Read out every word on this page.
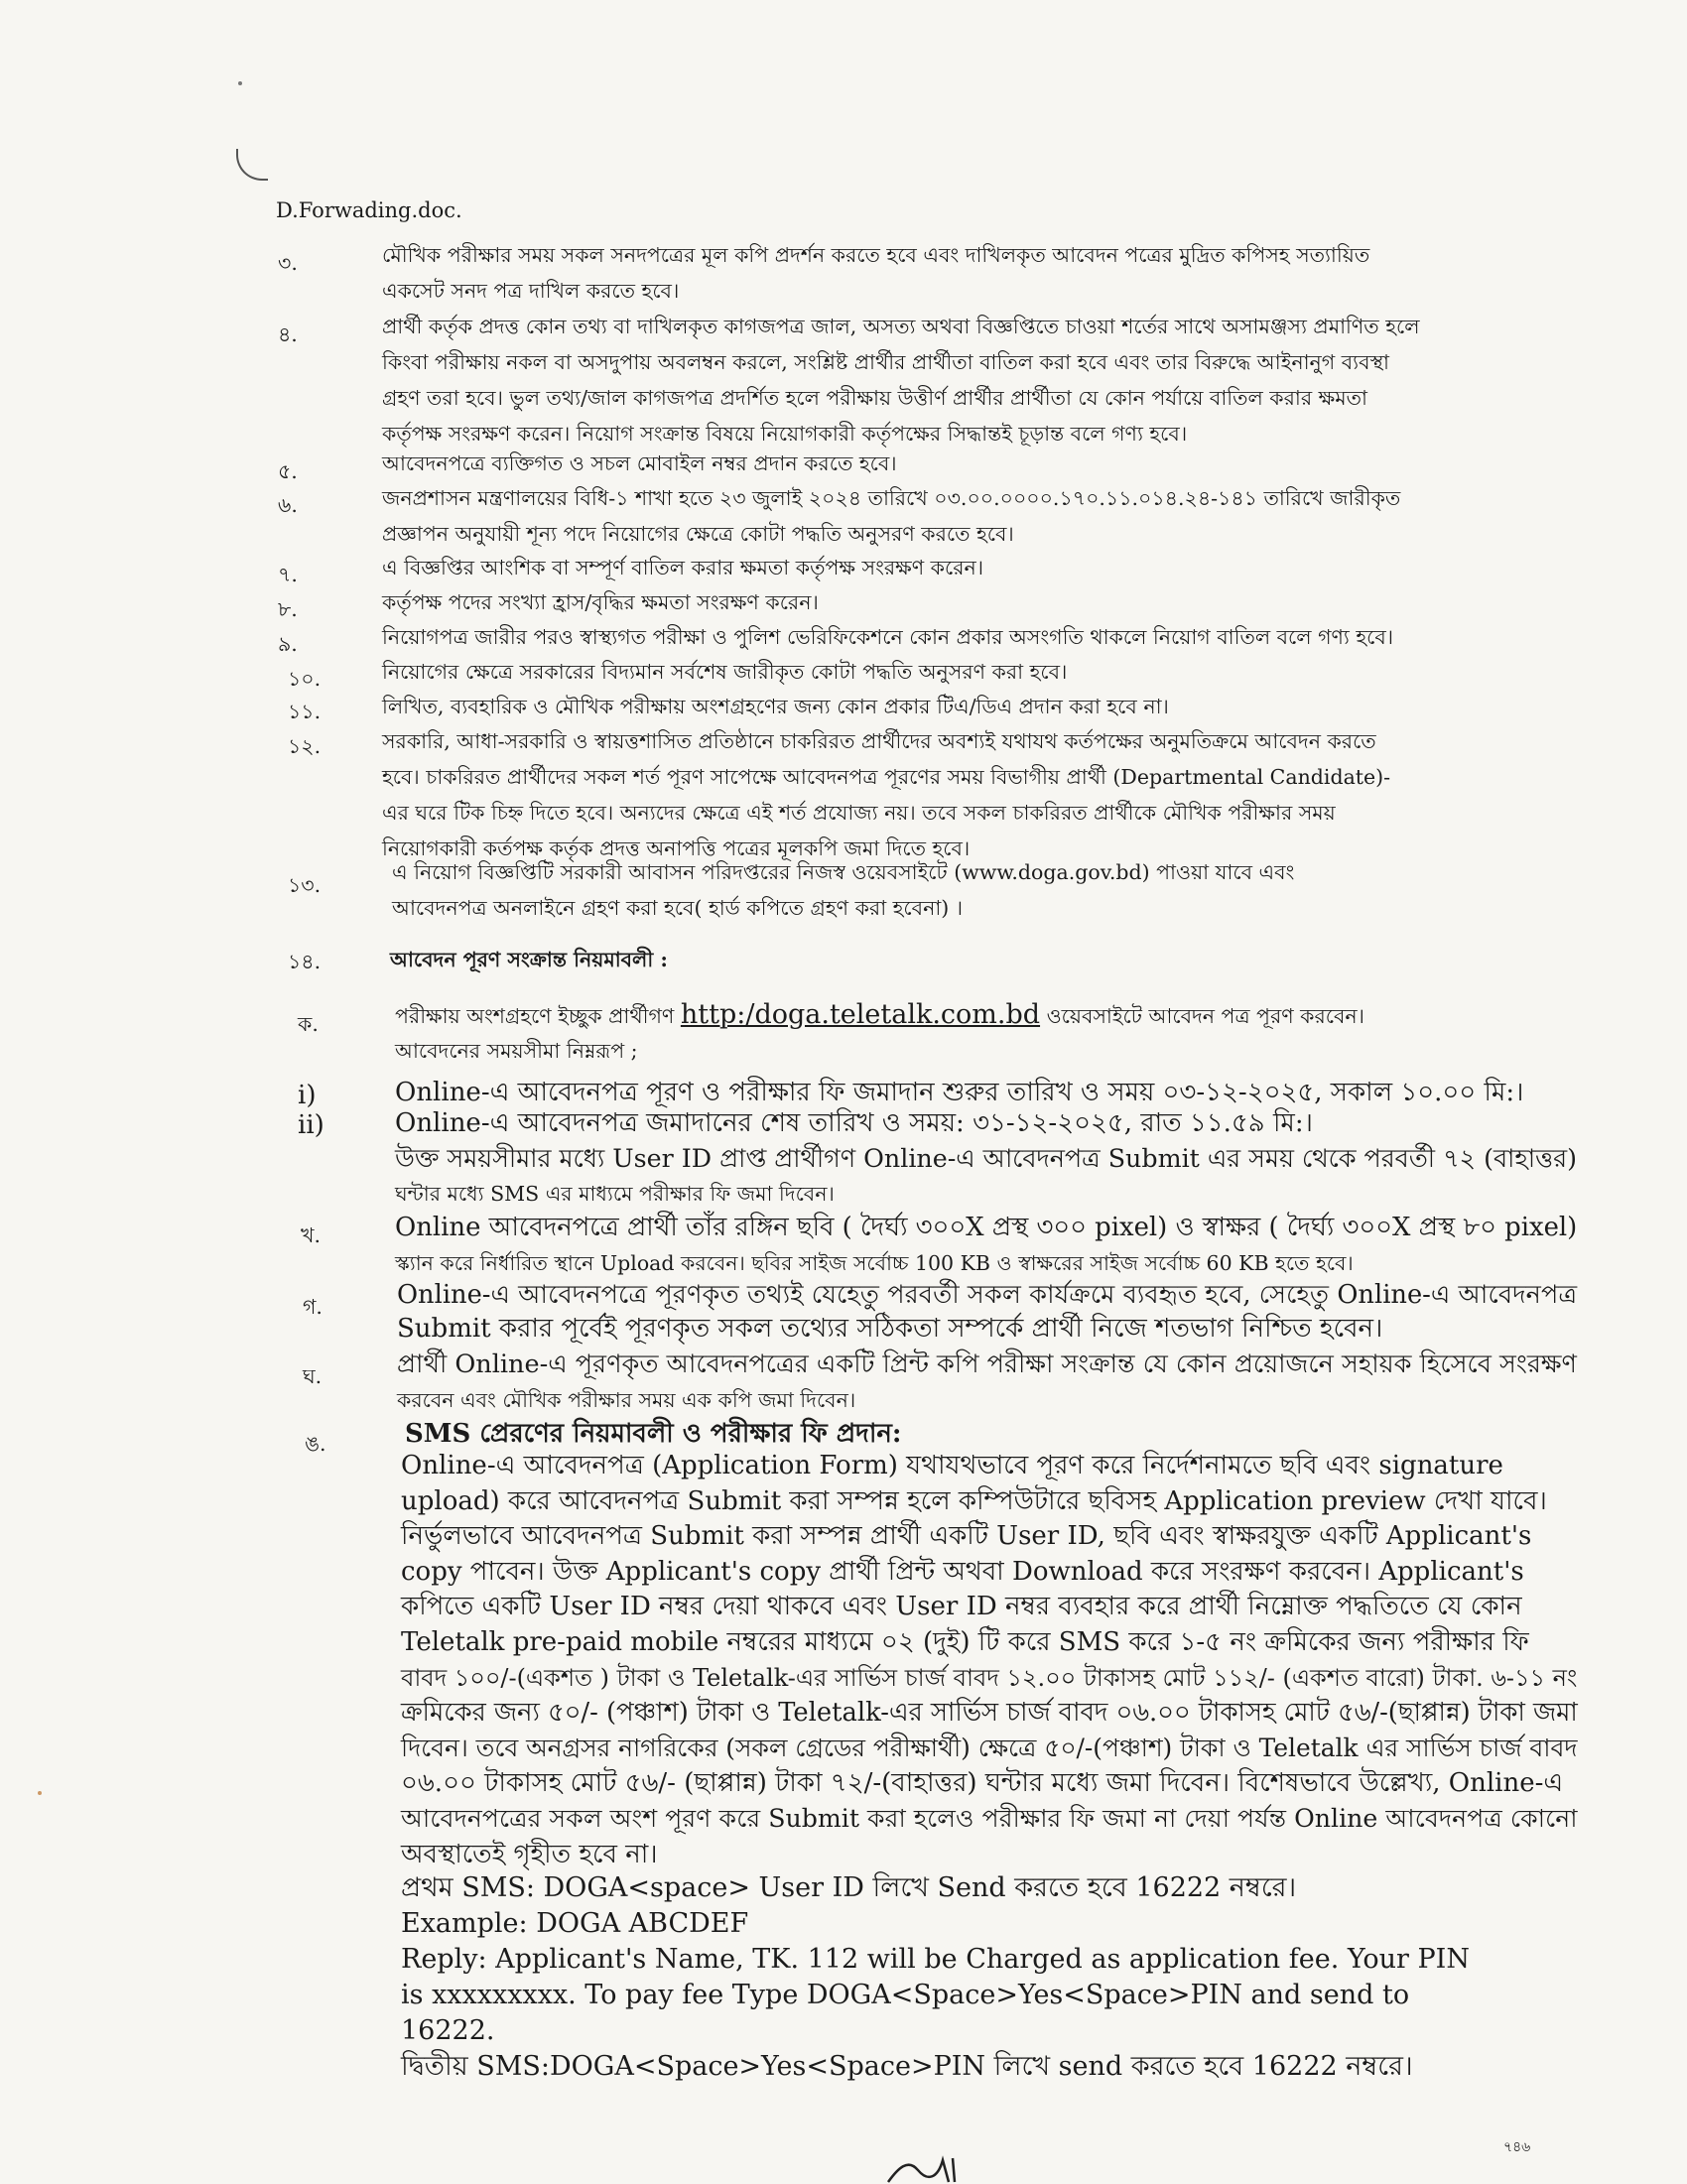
D.Forwading.doc.
৩.	মৌখিক পরীক্ষার সময় সকল সনদপত্রের মূল কপি প্রদর্শন করতে হবে এবং দাখিলকৃত আবেদন পত্রের মুদ্রিত কপিসহ সত্যায়িত
একসেট সনদ পত্র দাখিল করতে হবে।
৪.	প্রার্থী কর্তৃক প্রদত্ত কোন তথ্য বা দাখিলকৃত কাগজপত্র জাল, অসত্য অথবা বিজ্ঞপ্তিতে চাওয়া শর্তের সাথে অসামঞ্জস্য প্রমাণিত হলে
কিংবা পরীক্ষায় নকল বা অসদুপায় অবলম্বন করলে, সংশ্লিষ্ট প্রার্থীর প্রার্থীতা বাতিল করা হবে এবং তার বিরুদ্ধে আইনানুগ ব্যবস্থা
গ্রহণ তরা হবে। ভুল তথ্য/জাল কাগজপত্র প্রদর্শিত হলে পরীক্ষায় উত্তীর্ণ প্রার্থীর প্রার্থীতা যে কোন পর্যায়ে বাতিল করার ক্ষমতা
কর্তৃপক্ষ সংরক্ষণ করেন। নিয়োগ সংক্রান্ত বিষয়ে নিয়োগকারী কর্তৃপক্ষের সিদ্ধান্তই চূড়ান্ত বলে গণ্য হবে।
৫.	আবেদনপত্রে ব্যক্তিগত ও সচল মোবাইল নম্বর প্রদান করতে হবে।
৬.	জনপ্রশাসন মন্ত্রণালয়ের বিধি-১ শাখা হতে ২৩ জুলাই ২০২৪ তারিখে ০৩.০০.০০০০.১৭০.১১.০১৪.২৪-১৪১ তারিখে জারীকৃত
প্রজ্ঞাপন অনুযায়ী শূন্য পদে নিয়োগের ক্ষেত্রে কোটা পদ্ধতি অনুসরণ করতে হবে।
৭.	এ বিজ্ঞপ্তির আংশিক বা সম্পূর্ণ বাতিল করার ক্ষমতা কর্তৃপক্ষ সংরক্ষণ করেন।
৮.	কর্তৃপক্ষ পদের সংখ্যা হ্রাস/বৃদ্ধির ক্ষমতা সংরক্ষণ করেন।
৯.	নিয়োগপত্র জারীর পরও স্বাস্থ্যগত পরীক্ষা ও পুলিশ ভেরিফিকেশনে কোন প্রকার অসংগতি থাকলে নিয়োগ বাতিল বলে গণ্য হবে।
১০.	নিয়োগের ক্ষেত্রে সরকারের বিদ্যমান সর্বশেষ জারীকৃত কোটা পদ্ধতি অনুসরণ করা হবে।
১১.	লিখিত, ব্যবহারিক ও মৌখিক পরীক্ষায় অংশগ্রহণের জন্য কোন প্রকার টিএ/ডিএ প্রদান করা হবে না।
১২.	সরকারি, আধা-সরকারি ও স্বায়ত্তশাসিত প্রতিষ্ঠানে চাকরিরত প্রার্থীদের অবশ্যই যথাযথ কর্তপক্ষের অনুমতিক্রমে আবেদন করতে
হবে। চাকরিরত প্রার্থীদের সকল শর্ত পূরণ সাপেক্ষে আবেদনপত্র পূরণের সময় বিভাগীয় প্রার্থী (Departmental Candidate)-
এর ঘরে টিক চিহ্ন দিতে হবে। অন্যদের ক্ষেত্রে এই শর্ত প্রযোজ্য নয়। তবে সকল চাকরিরত প্রার্থীকে মৌখিক পরীক্ষার সময়
নিয়োগকারী কর্তপক্ষ কর্তৃক প্রদত্ত অনাপত্তি পত্রের মূলকপি জমা দিতে হবে।
১৩.
এ নিয়োগ বিজ্ঞপ্তিটি সরকারী আবাসন পরিদপ্তরের নিজস্ব ওয়েবসাইটে (www.doga.gov.bd) পাওয়া যাবে এবং
আবেদনপত্র অনলাইনে গ্রহণ করা হবে( হার্ড কপিতে গ্রহণ করা হবেনা) ।
১৪.	আবেদন পূরণ সংক্রান্ত নিয়মাবলী :
ক.	পরীক্ষায় অংশগ্রহণে ইচ্ছুক প্রার্থীগণ http:/doga.teletalk.com.bd ওয়েবসাইটে আবেদন পত্র পূরণ করবেন।
আবেদনের সময়সীমা নিম্নরূপ ;
i)	Online-এ আবেদনপত্র পূরণ ও পরীক্ষার ফি জমাদান শুরুর তারিখ ও সময় ০৩-১২-২০২৫, সকাল ১০.০০ মি:।
ii)	Online-এ আবেদনপত্র জমাদানের শেষ তারিখ ও সময়: ৩১-১২-২০২৫, রাত ১১.৫৯ মি:।
উক্ত সময়সীমার মধ্যে User ID প্রাপ্ত প্রার্থীগণ Online-এ আবেদনপত্র Submit এর সময় থেকে পরবর্তী ৭২ (বাহাত্তর)
ঘন্টার মধ্যে SMS এর মাধ্যমে পরীক্ষার ফি জমা দিবেন।
খ.	Online আবেদনপত্রে প্রার্থী তাঁর রঙ্গিন ছবি ( দৈর্ঘ্য ৩০০X প্রস্থ ৩০০ pixel) ও স্বাক্ষর ( দৈর্ঘ্য ৩০০X প্রস্থ ৮০ pixel)
স্ক্যান করে নির্ধারিত স্থানে Upload করবেন। ছবির সাইজ সর্বোচ্চ 100 KB ও স্বাক্ষরের সাইজ সর্বোচ্চ 60 KB হতে হবে।
গ.	Online-এ আবেদনপত্রে পূরণকৃত তথ্যই যেহেতু পরবর্তী সকল কার্যক্রমে ব্যবহৃত হবে, সেহেতু Online-এ আবেদনপত্র
Submit করার পূর্বেই পূরণকৃত সকল তথ্যের সঠিকতা সম্পর্কে প্রার্থী নিজে শতভাগ নিশ্চিত হবেন।
ঘ.	প্রার্থী Online-এ পূরণকৃত আবেদনপত্রের একটি প্রিন্ট কপি পরীক্ষা সংক্রান্ত যে কোন প্রয়োজনে সহায়ক হিসেবে সংরক্ষণ
করবেন এবং মৌখিক পরীক্ষার সময় এক কপি জমা দিবেন।
ঙ.	SMS প্রেরণের নিয়মাবলী ও পরীক্ষার ফি প্রদান:
Online-এ আবেদনপত্র (Application Form) যথাযথভাবে পূরণ করে নির্দেশনামতে ছবি এবং signature
upload) করে আবেদনপত্র Submit করা সম্পন্ন হলে কম্পিউটারে ছবিসহ Application preview দেখা যাবে।
নির্ভুলভাবে আবেদনপত্র Submit করা সম্পন্ন প্রার্থী একটি User ID, ছবি এবং স্বাক্ষরযুক্ত একটি Applicant's
copy পাবেন। উক্ত Applicant's copy প্রার্থী প্রিন্ট অথবা Download করে সংরক্ষণ করবেন। Applicant's
কপিতে একটি User ID নম্বর দেয়া থাকবে এবং User ID নম্বর ব্যবহার করে প্রার্থী নিম্নোক্ত পদ্ধতিতে যে কোন
Teletalk pre-paid mobile নম্বরের মাধ্যমে ০২ (দুই) টি করে SMS করে ১-৫ নং ক্রমিকের জন্য পরীক্ষার ফি
বাবদ ১০০/-(একশত ) টাকা ও Teletalk-এর সার্ভিস চার্জ বাবদ ১২.০০ টাকাসহ মোট ১১২/- (একশত বারো) টাকা. ৬-১১ নং
ক্রমিকের জন্য ৫০/- (পঞ্চাশ) টাকা ও Teletalk-এর সার্ভিস চার্জ বাবদ ০৬.০০ টাকাসহ মোট ৫৬/-(ছাপ্পান্ন) টাকা জমা
দিবেন। তবে অনগ্রসর নাগরিকের (সকল গ্রেডের পরীক্ষার্থী) ক্ষেত্রে ৫০/-(পঞ্চাশ) টাকা ও Teletalk এর সার্ভিস চার্জ বাবদ
০৬.০০ টাকাসহ মোট ৫৬/- (ছাপ্পান্ন) টাকা ৭২/-(বাহাত্তর) ঘন্টার মধ্যে জমা দিবেন। বিশেষভাবে উল্লেখ্য, Online-এ
আবেদনপত্রের সকল অংশ পূরণ করে Submit করা হলেও পরীক্ষার ফি জমা না দেয়া পর্যন্ত Online আবেদনপত্র কোনো
অবস্থাতেই গৃহীত হবে না।
প্রথম SMS: DOGA<space> User ID লিখে Send করতে হবে 16222 নম্বরে।
Example: DOGA ABCDEF
Reply: Applicant's Name, TK. 112 will be Charged as application fee. Your PIN
is xxxxxxxxx. To pay fee Type DOGA<Space>Yes<Space>PIN and send to
16222.
দ্বিতীয় SMS:DOGA<Space>Yes<Space>PIN লিখে send করতে হবে 16222 নম্বরে।
৭৪৬
